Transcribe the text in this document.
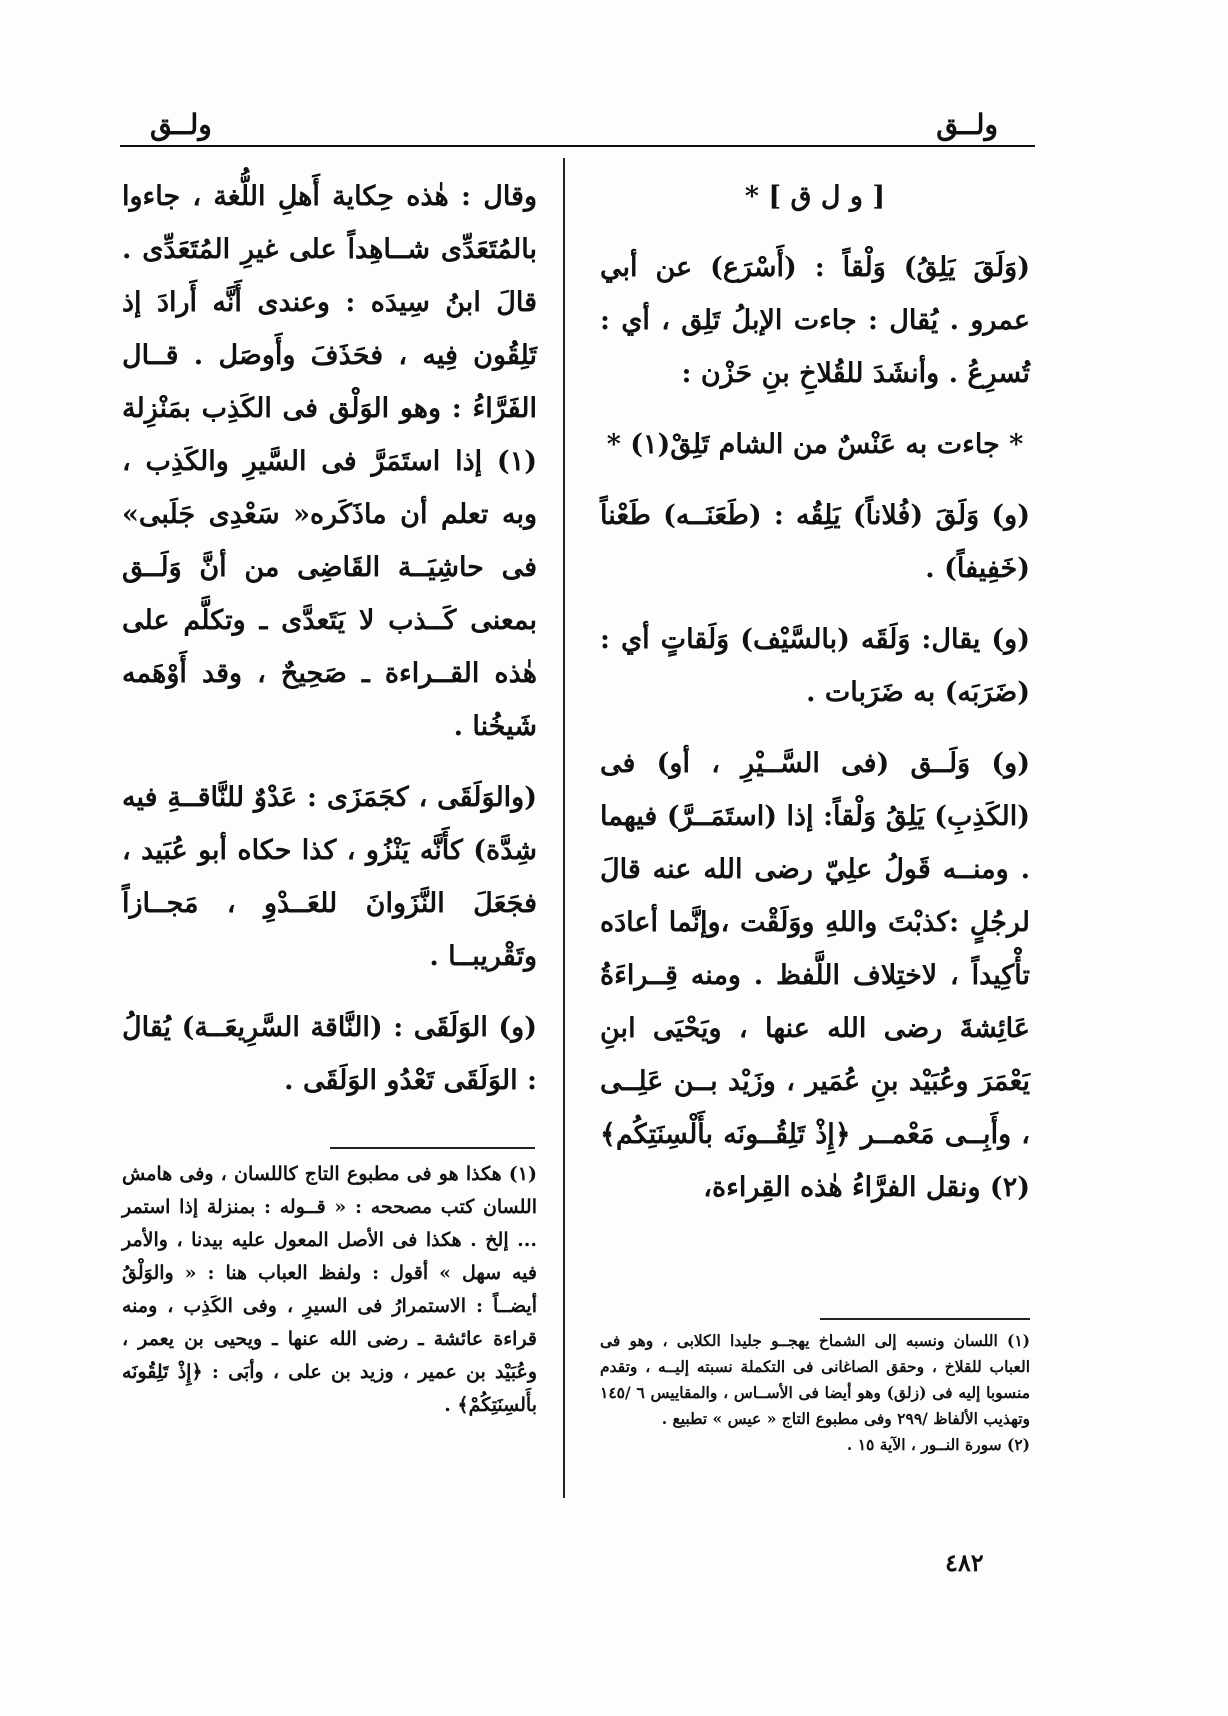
ولــق
ولــق

[ و ل ق ] *

(وَلَقَ يَلِقُ) وَلْقاً : (أَسْرَع) عن أبي عمرو . يُقال : جاءت الإبلُ تَلِق ، أي : تُسرِعُ . وأنشَدَ للقُلاخِ بنِ حَزْن :

* جاءت به عَنْسٌ من الشام تَلِقْ(١) *

(و) وَلَقَ (فُلاناً) يَلِقُه : (طَعَنَــه) طَعْناً (خَفِيفاً) .

(و) يقال: وَلَقَه (بالسَّيْف) وَلَقاتٍ أي : (ضَرَبَه) به ضَرَبات .

(و) وَلَــق (فى السَّــيْرِ ، أو) فى (الكَذِبِ) يَلِقُ وَلْقاً: إذا (استَمَــرَّ) فيهما . ومنــه قَولُ علِيّ رضى الله عنه قالَ لرجُلٍ :كذبْتَ واللهِ ووَلَقْت ،وإنَّما أعادَه تأْكِيداً ، لاختِلاف اللَّفظ . ومنه قِــراءَةُ عَائِشةَ رضى الله عنها ، ويَحْيَى ابنِ يَعْمَرَ وعُبَيْد بنِ عُمَير ، وزَيْد بــن عَلِــى ، وأَبِــى مَعْمــر ﴿إِذْ تَلِقُــونَه بأَلْسِنَتِكُم﴾ (٢) ونقل الفرَّاءُ هٰذه القِراءة،

وقال : هٰذه حِكاية أَهلِ اللُّغة ، جاءوا بالمُتَعَدِّى شــاهِداً على غيرِ المُتَعَدِّى . قالَ ابنُ سِيدَه : وعندى أَنَّه أَرادَ إذ تَلِقُون فِيه ، فحَذَفَ وأَوصَل . قــال الفَرَّاءُ : وهو الوَلْق فى الكَذِب بمَنْزِلة (١) إذا استَمَرَّ فى السَّيرِ والكَذِب ، وبه تعلم أن ماذَكَره« سَعْدِى جَلَبى» فى حاشِيَــة القَاضِى من أنَّ وَلَــق بمعنى كَــذب لا يَتَعدَّى ـ وتكلَّم على هٰذه القــراءة ـ صَحِيحٌ ، وقد أَوْهَمه شَيخُنا .

(والوَلَقَى ، كجَمَزَى : عَدْوٌ للنَّاقــةِ فيه شِدَّة) كأَنَّه يَنْزُو ، كذا حكاه أبو عُبَيد ، فجَعَلَ النَّزَوانَ للعَــدْوِ ، مَجــازاً وتَقْريبــا .

(و) الوَلَقَى : (النَّاقة السَّرِيعَــة) يُقالُ : الوَلَقَى تَعْدُو الوَلَقَى .

(١) هكذا هو فى مطبوع التاج كاللسان ، وفى هامش اللسان كتب مصححه : « قــوله : بمنزلة إذا استمر ... إلخ . هكذا فى الأصل المعول عليه بيدنا ، والأمر فيه سهل » أقول : ولفظ العباب هنا : « والوَلْقُ أيضــاً : الاستمرارُ فى السيرِ ، وفى الكَذِب ، ومنه قراءة عائشة ـ رضى الله عنها ـ ويحيى بن يعمر ، وعُبَيْد بن عمير ، وزيد بن على ، وأبَى : ﴿إِذْ تَلِقُونَه بأَلسِنَتِكُمْ﴾ .

(١) اللسان ونسبه إلى الشماخ يهجــو جليدا الكلابى ، وهو فى العباب للقلاخ ، وحقق الصاغانى فى التكملة نسبته إليــه ، وتقدم منسوبا إليه فى (زلق) وهو أيضا فى الأســاس ، والمقاييس ٦ /١٤٥ وتهذيب الألفاظ /٢٩٩ وفى مطبوع التاج « عيس » تطبيع .

(٢) سورة النــور ، الآية ١٥ .

٤٨٢
